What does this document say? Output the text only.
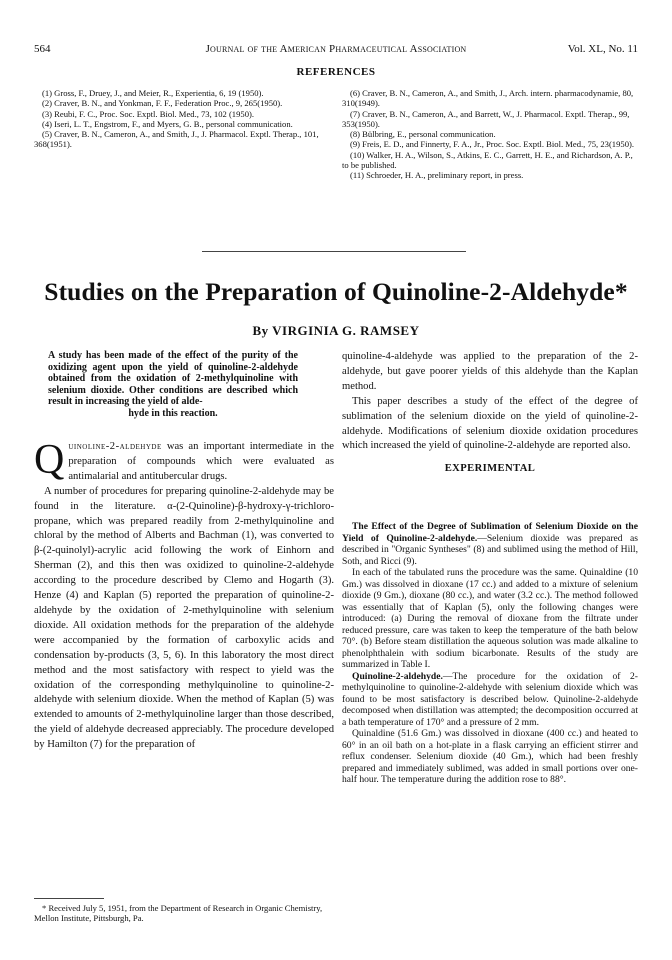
564	Journal of the American Pharmaceutical Association	Vol. XL, No. 11
REFERENCES

(1) Gross, F., Druey, J., and Meier, R., Experientia, 6, 19 (1950).

(2) Craver, B. N., and Yonkman, F. F., Federation Proc., 9, 265(1950).

(3) Reubi, F. C., Proc. Soc. Exptl. Biol. Med., 73, 102 (1950).

(4) Iseri, L. T., Engstrom, F., and Myers, G. B., personal communication.

(5) Craver, B. N., Cameron, A., and Smith, J., J. Pharmacol. Exptl. Therap., 101, 368(1951).

(6) Craver, B. N., Cameron, A., and Smith, J., Arch. intern. pharmacodynamie, 80, 310(1949).

(7) Craver, B. N., Cameron, A., and Barrett, W., J. Pharmacol. Exptl. Therap., 99, 353(1950).

(8) Bülbring, E., personal communication.

(9) Freis, E. D., and Finnerty, F. A., Jr., Proc. Soc. Exptl. Biol. Med., 75, 23(1950).

(10) Walker, H. A., Wilson, S., Atkins, E. C., Garrett, H. E., and Richardson, A. P., to be published.

(11) Schroeder, H. A., preliminary report, in press.

Studies on the Preparation of Quinoline-2-Aldehyde*
By VIRGINIA G. RAMSEY
A study has been made of the effect of the purity of the oxidizing agent upon the yield of quinoline-2-aldehyde obtained from the oxidation of 2-methylquinoline with selenium dioxide. Other conditions are described which result in increasing the yield of alde-
hyde in this reaction.

Quinoline-2-aldehyde was an important intermediate in the preparation of compounds which were evaluated as antimalarial and antitubercular drugs.

A number of procedures for preparing quinoline-2-aldehyde may be found in the literature. α-(2-Quinoline)-β-hydroxy-γ-trichloro-propane, which was prepared readily from 2-methylquinoline and chloral by the method of Alberts and Bachman (1), was converted to β-(2-quinolyl)-acrylic acid following the work of Einhorn and Sherman (2), and this then was oxidized to quinoline-2-aldehyde according to the procedure described by Clemo and Hogarth (3). Henze (4) and Kaplan (5) reported the preparation of quinoline-2-aldehyde by the oxidation of 2-methylquinoline with selenium dioxide. All oxidation methods for the preparation of the aldehyde were accompanied by the formation of carboxylic acids and condensation by-products (3, 5, 6). In this laboratory the most direct method and the most satisfactory with respect to yield was the oxidation of the corresponding methylquinoline to quinoline-2-aldehyde with selenium dioxide. When the method of Kaplan (5) was extended to amounts of 2-methylquinoline larger than those described, the yield of aldehyde decreased appreciably. The procedure developed by Hamilton (7) for the preparation of

* Received July 5, 1951, from the Department of Research in Organic Chemistry, Mellon Institute, Pittsburgh, Pa.

quinoline-4-aldehyde was applied to the preparation of the 2-aldehyde, but gave poorer yields of this aldehyde than the Kaplan method.

This paper describes a study of the effect of the degree of sublimation of the selenium dioxide on the yield of quinoline-2-aldehyde. Modifications of selenium dioxide oxidation procedures which increased the yield of quinoline-2-aldehyde are reported also.

EXPERIMENTAL

The Effect of the Degree of Sublimation of Selenium Dioxide on the Yield of Quinoline-2-aldehyde.—Selenium dioxide was prepared as described in "Organic Syntheses" (8) and sublimed using the method of Hill, Soth, and Ricci (9).

In each of the tabulated runs the procedure was the same. Quinaldine (10 Gm.) was dissolved in dioxane (17 cc.) and added to a mixture of selenium dioxide (9 Gm.), dioxane (80 cc.), and water (3.2 cc.). The method followed was essentially that of Kaplan (5), only the following changes were introduced: (a) During the removal of dioxane from the filtrate under reduced pressure, care was taken to keep the temperature of the bath below 70°. (b) Before steam distillation the aqueous solution was made alkaline to phenolphthalein with sodium bicarbonate. Results of the study are summarized in Table I.

Quinoline-2-aldehyde.—The procedure for the oxidation of 2-methylquinoline to quinoline-2-aldehyde with selenium dioxide which was found to be most satisfactory is described below. Quinoline-2-aldehyde decomposed when distillation was attempted; the decomposition occurred at a bath temperature of 170° and a pressure of 2 mm.

Quinaldine (51.6 Gm.) was dissolved in dioxane (400 cc.) and heated to 60° in an oil bath on a hot-plate in a flask carrying an efficient stirrer and reflux condenser. Selenium dioxide (40 Gm.), which had been freshly prepared and immediately sublimed, was added in small portions over one-half hour. The temperature during the addition rose to 88°.
